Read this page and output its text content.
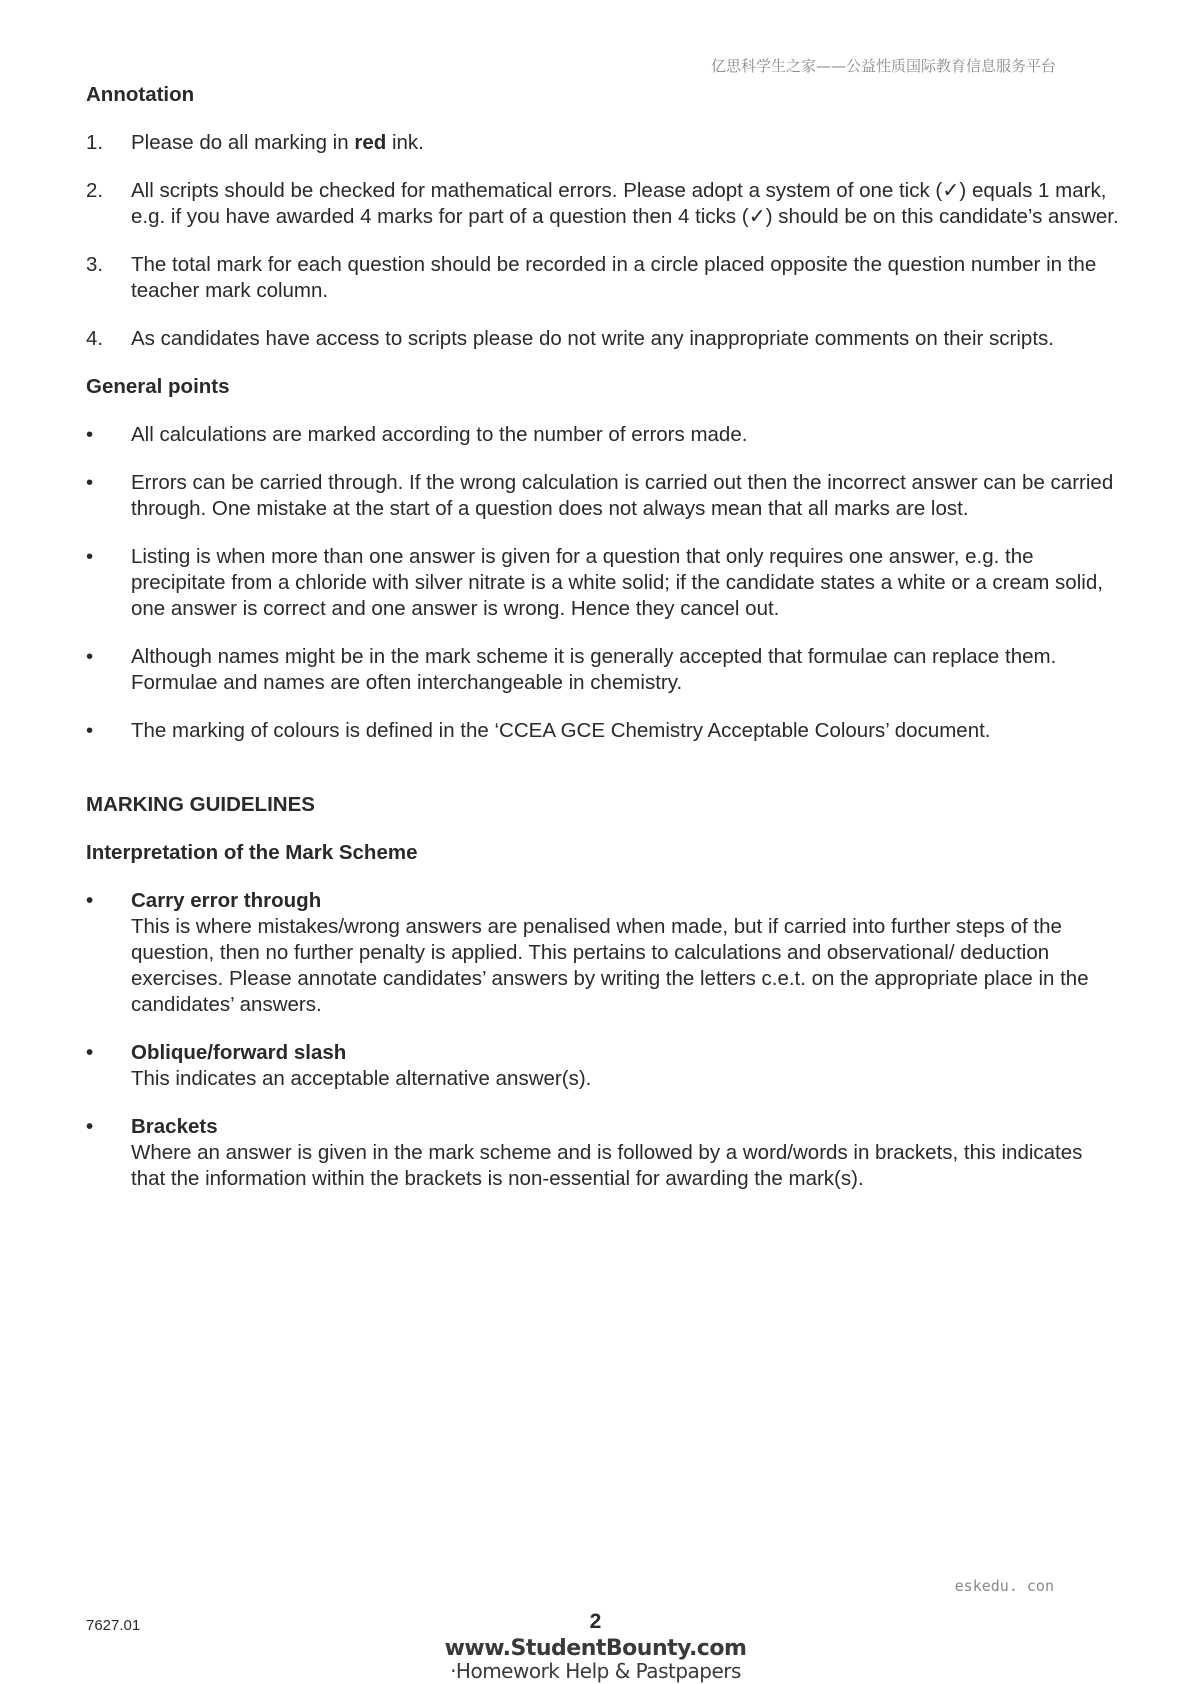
亿思科学生之家——公益性质国际教育信息服务平台

Annotation

1.	Please do all marking in red ink.
2.	All scripts should be checked for mathematical errors. Please adopt a system of one tick (✓) equals 1 mark, e.g. if you have awarded 4 marks for part of a question then 4 ticks (✓) should be on this candidate’s answer.
3.	The total mark for each question should be recorded in a circle placed opposite the question number in the teacher mark column.
4.	As candidates have access to scripts please do not write any inappropriate comments on their scripts.

General points

•	All calculations are marked according to the number of errors made.
•	Errors can be carried through. If the wrong calculation is carried out then the incorrect answer can be carried through. One mistake at the start of a question does not always mean that all marks are lost.
•	Listing is when more than one answer is given for a question that only requires one answer, e.g. the precipitate from a chloride with silver nitrate is a white solid; if the candidate states a white or a cream solid, one answer is correct and one answer is wrong. Hence they cancel out.
•	Although names might be in the mark scheme it is generally accepted that formulae can replace them. Formulae and names are often interchangeable in chemistry.
•	The marking of colours is defined in the ‘CCEA GCE Chemistry Acceptable Colours’ document.

MARKING GUIDELINES

Interpretation of the Mark Scheme

•	Carry error through
This is where mistakes/wrong answers are penalised when made, but if carried into further steps of the question, then no further penalty is applied. This pertains to calculations and observational/ deduction exercises. Please annotate candidates’ answers by writing the letters c.e.t. on the appropriate place in the candidates’ answers.
•	Oblique/forward slash
This indicates an acceptable alternative answer(s).
•	Brackets
Where an answer is given in the mark scheme and is followed by a word/words in brackets, this indicates that the information within the brackets is non-essential for awarding the mark(s).
eskedu. con
7627.01	2
www.StudentBounty.com
·Homework Help & Pastpapers
